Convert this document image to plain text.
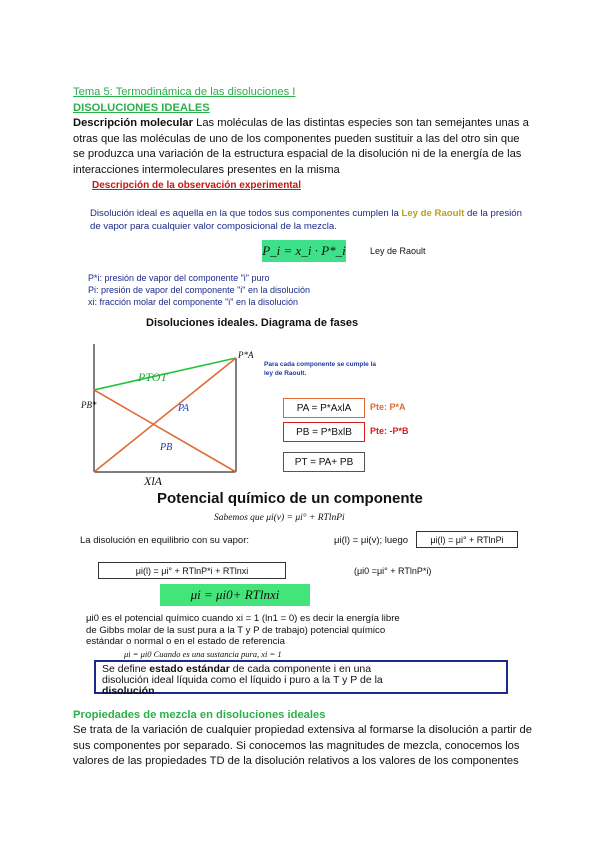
Tema 5: Termodinámica de las disoluciones I
DISOLUCIONES IDEALES
Descripción molecular Las moléculas de las distintas especies son tan semejantes unas a
otras que las moléculas de uno de los componentes pueden sustituir a las del otro sin que
se produzca una variación de la estructura espacial de la disolución ni de la energía de las
interacciones intermoleculares presentes en la misma
Descripción de la observación experimental
Disolución ideal es aquella en la que todos sus componentes cumplen la Ley de Raoult de la presión
de vapor para cualquier valor composicional de la mezcla.
P_i = x_i · P*_i	Ley de Raoult
P*i: presión de vapor del componente "i" puro
Pi: presión de vapor del componente "i" en la disolución
xi: fracción molar del componente "i" en la disolución
Disoluciones ideales. Diagrama de fases
PTOT
PA
PB
P*A
PB*
XlA
Para cada componente se cumple la ley de Raoult.
PA = P*AxlA	Pte: P*A
PB = P*BxlB	Pte: -P*B
PT = PA+ PB
Potencial químico de un componente
Sabemos que μi(v) = μi° + RTlnPi
La disolución en equilibrio con su vapor:	μi(l) = μi(v); luego	μi(l) = μi° + RTlnPi
μi(l) = μi° + RTlnP*i + RTlnxi	(μi0 =μi° + RTlnP*i)
μi = μi0+ RTlnxi
μi0 es el potencial químico cuando xi = 1 (ln1 = 0) es decir la energía libre
de Gibbs molar de la sust pura a la T y P de trabajo) potencial químico
estándar o normal o en el estado de referencia
μi = μi0 Cuando es una sustancia pura, xi = 1
Se define estado estándar de cada componente i en una
disolución ideal líquida como el líquido i puro a la T y P de la
disolución
Propiedades de mezcla en disoluciones ideales
Se trata de la variación de cualquier propiedad extensiva al formarse la disolución a partir de
sus componentes por separado. Si conocemos las magnitudes de mezcla, conocemos los
valores de las propiedades TD de la disolución relativos a los valores de los componentes
